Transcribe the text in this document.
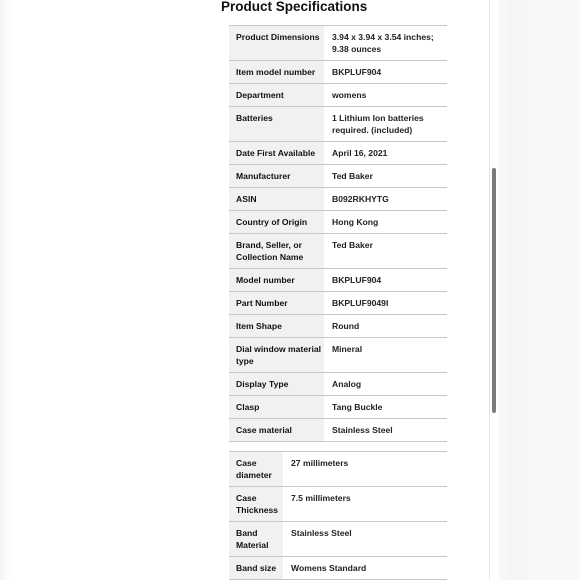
Product Specifications
Product Dimensions	3.94 x 3.94 x 3.54 inches; 9.38 ounces
Item model number	BKPLUF904
Department	womens
Batteries	1 Lithium Ion batteries required. (included)
Date First Available	April 16, 2021
Manufacturer	Ted Baker
ASIN	B092RKHYTG
Country of Origin	Hong Kong
Brand, Seller, or Collection Name	Ted Baker
Model number	BKPLUF904
Part Number	BKPLUF9049I
Item Shape	Round
Dial window material type	Mineral
Display Type	Analog
Clasp	Tang Buckle
Case material	Stainless Steel
Case diameter	27 millimeters
Case Thickness	7.5 millimeters
Band Material	Stainless Steel
Band size	Womens Standard
